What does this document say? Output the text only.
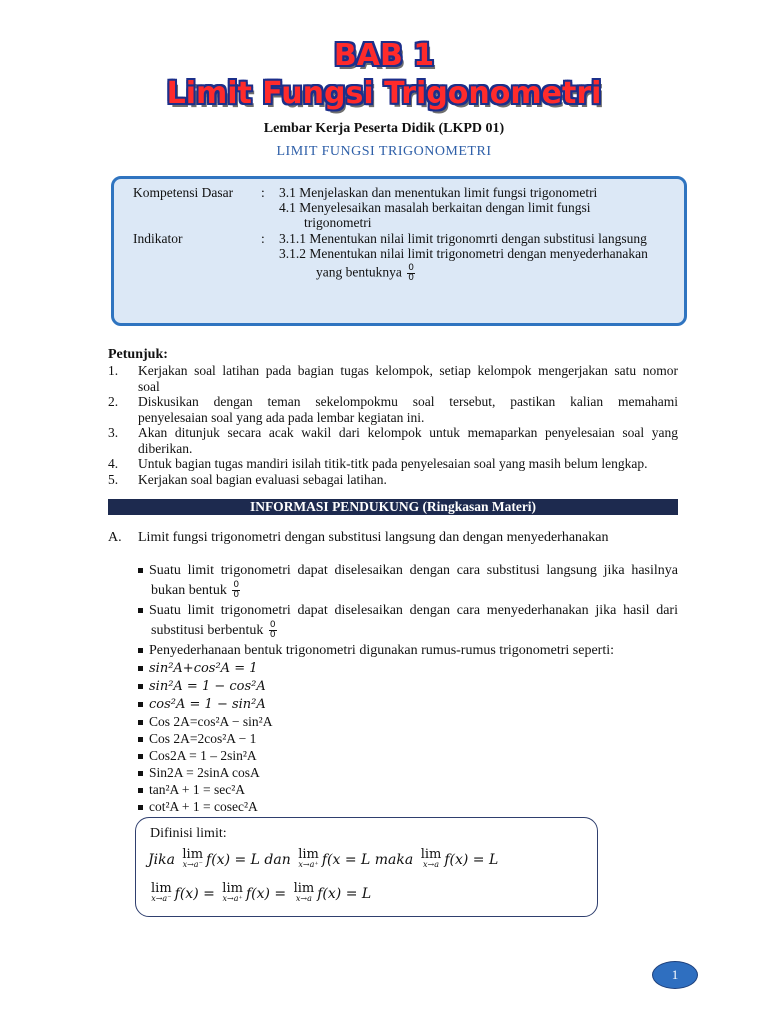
BAB 1
Limit Fungsi Trigonometri
Lembar Kerja Peserta Didik (LKPD 01)
LIMIT FUNGSI TRIGONOMETRI
Kompetensi Dasar : 3.1 Menjelaskan dan menentukan limit fungsi trigonometri
4.1 Menyelesaikan masalah berkaitan dengan limit fungsi
trigonometri
Indikator	: 3.1.1 Menentukan nilai limit trigonomrti dengan substitusi langsung
3.1.2 Menentukan nilai limit trigonometri dengan menyederhanakan
yang bentuknya $\frac{0}{0}$
Petunjuk:
1.	Kerjakan soal latihan pada bagian tugas kelompok, setiap kelompok mengerjakan satu nomor
soal
2.	Diskusikan dengan teman sekelompokmu soal tersebut, pastikan kalian memahami
penyelesaian soal yang ada pada lembar kegiatan ini.
3.	Akan ditunjuk secara acak wakil dari kelompok untuk memaparkan penyelesaian soal yang
diberikan.
4.	Untuk bagian tugas mandiri isilah titik-titk pada penyelesaian soal yang masih belum lengkap.
5.	Kerjakan soal bagian evaluasi sebagai latihan.
INFORMASI PENDUKUNG (Ringkasan Materi)
A. Limit fungsi trigonometri dengan substitusi langsung dan dengan menyederhanakan
Suatu limit trigonometri dapat diselesaikan dengan cara substitusi langsung jika hasilnya
bukan bentuk $\frac{0}{0}$
Suatu limit trigonometri dapat diselesaikan dengan cara menyederhanakan jika hasil dari
substitusi berbentuk $\frac{0}{0}$
Penyederhanaan bentuk trigonometri digunakan rumus-rumus trigonometri seperti:
sin²A+cos²A = 1
sin²A = 1 − cos²A
cos²A = 1 − sin²A
Cos 2A=cos²A − sin²A
Cos 2A=2cos²A − 1
Cos2A = 1 – 2sin²A
Sin2A = 2sinA cosA
tan²A + 1 = sec²A
cot²A + 1 = cosec²A
Difinisi limit:
Jika lim
x→a⁻ f(x) = L dan lim
x→a⁺ f(x = L maka lim
x→a f(x) = L
lim
x→a⁻ f(x) = lim
x→a⁺ f(x) = lim
x→a f(x) = L
1
